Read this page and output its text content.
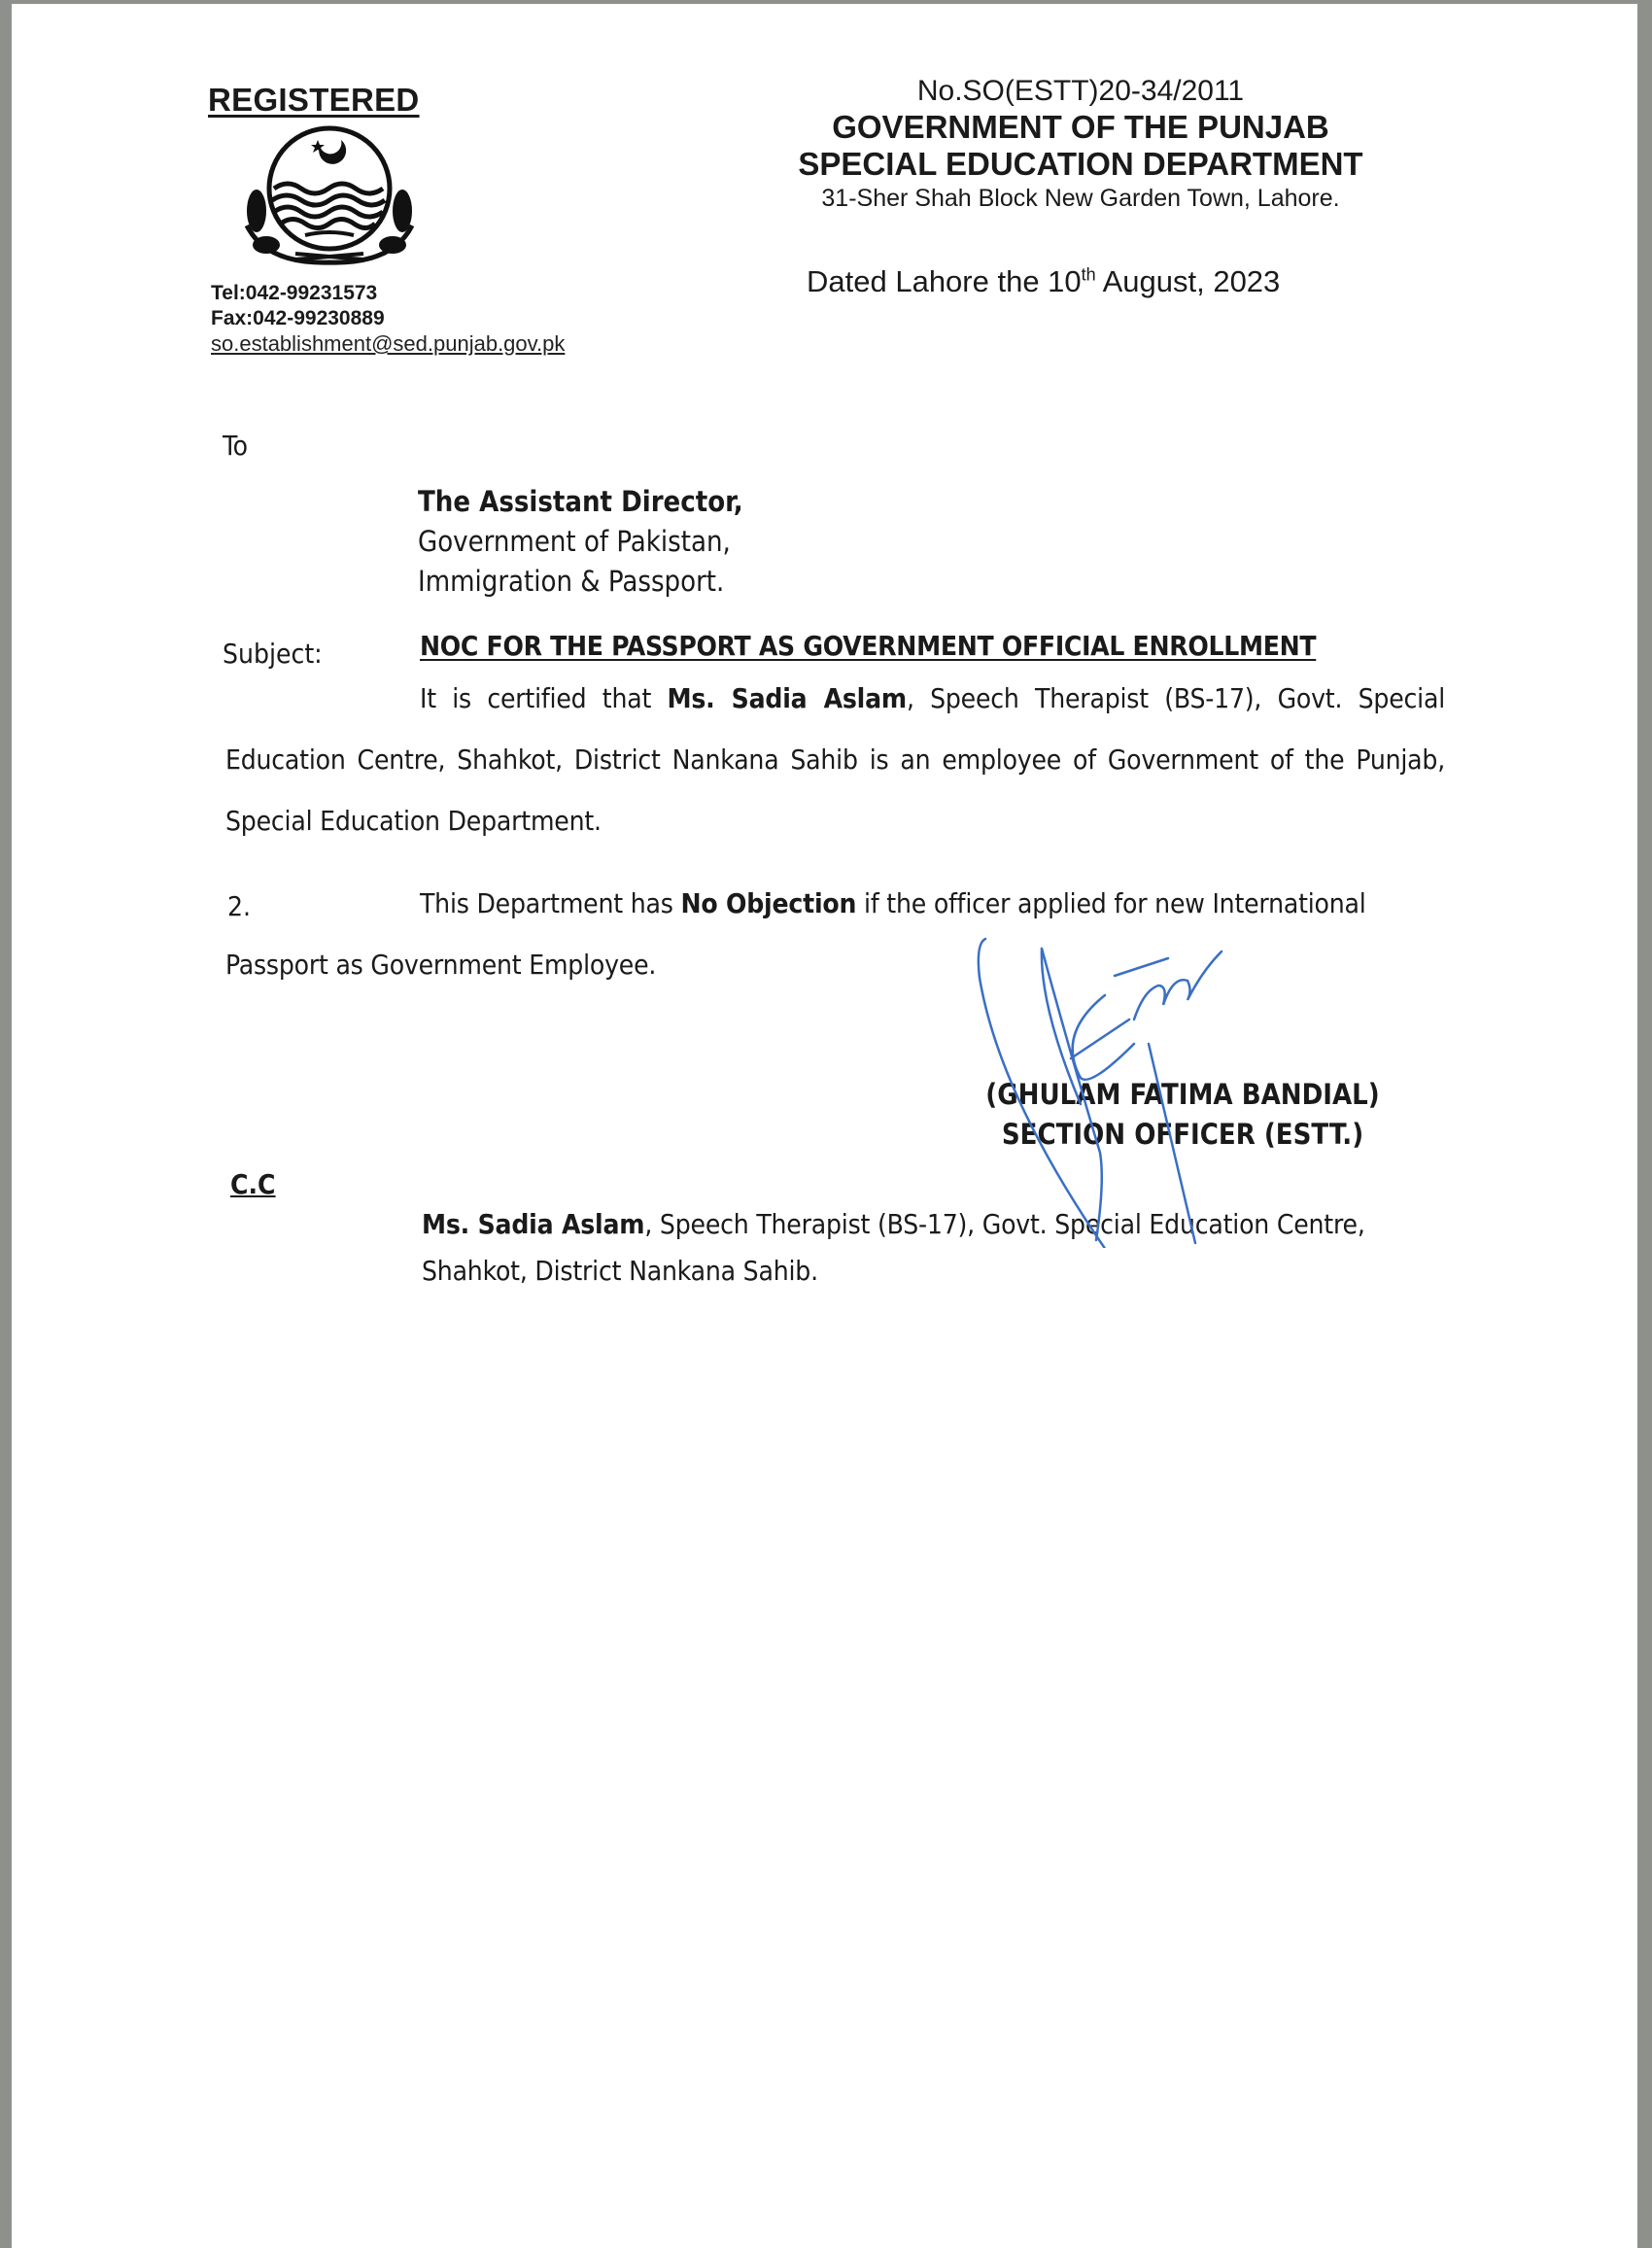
REGISTERED
Tel:042-99231573
Fax:042-99230889
so.establishment@sed.punjab.gov.pk
No.SO(ESTT)20-34/2011
GOVERNMENT OF THE PUNJAB
SPECIAL EDUCATION DEPARTMENT
31-Sher Shah Block New Garden Town, Lahore.
Dated Lahore the 10th August, 2023
To
The Assistant Director,
Government of Pakistan,
Immigration & Passport.
Subject:	NOC FOR THE PASSPORT AS GOVERNMENT OFFICIAL ENROLLMENT
It is certified that Ms. Sadia Aslam, Speech Therapist (BS-17), Govt. Special Education Centre, Shahkot, District Nankana Sahib is an employee of Government of the Punjab, Special Education Department.
2.	This Department has No Objection if the officer applied for new International Passport as Government Employee.
(GHULAM FATIMA BANDIAL)
SECTION OFFICER (ESTT.)
C.C
Ms. Sadia Aslam, Speech Therapist (BS-17), Govt. Special Education Centre, Shahkot, District Nankana Sahib.
